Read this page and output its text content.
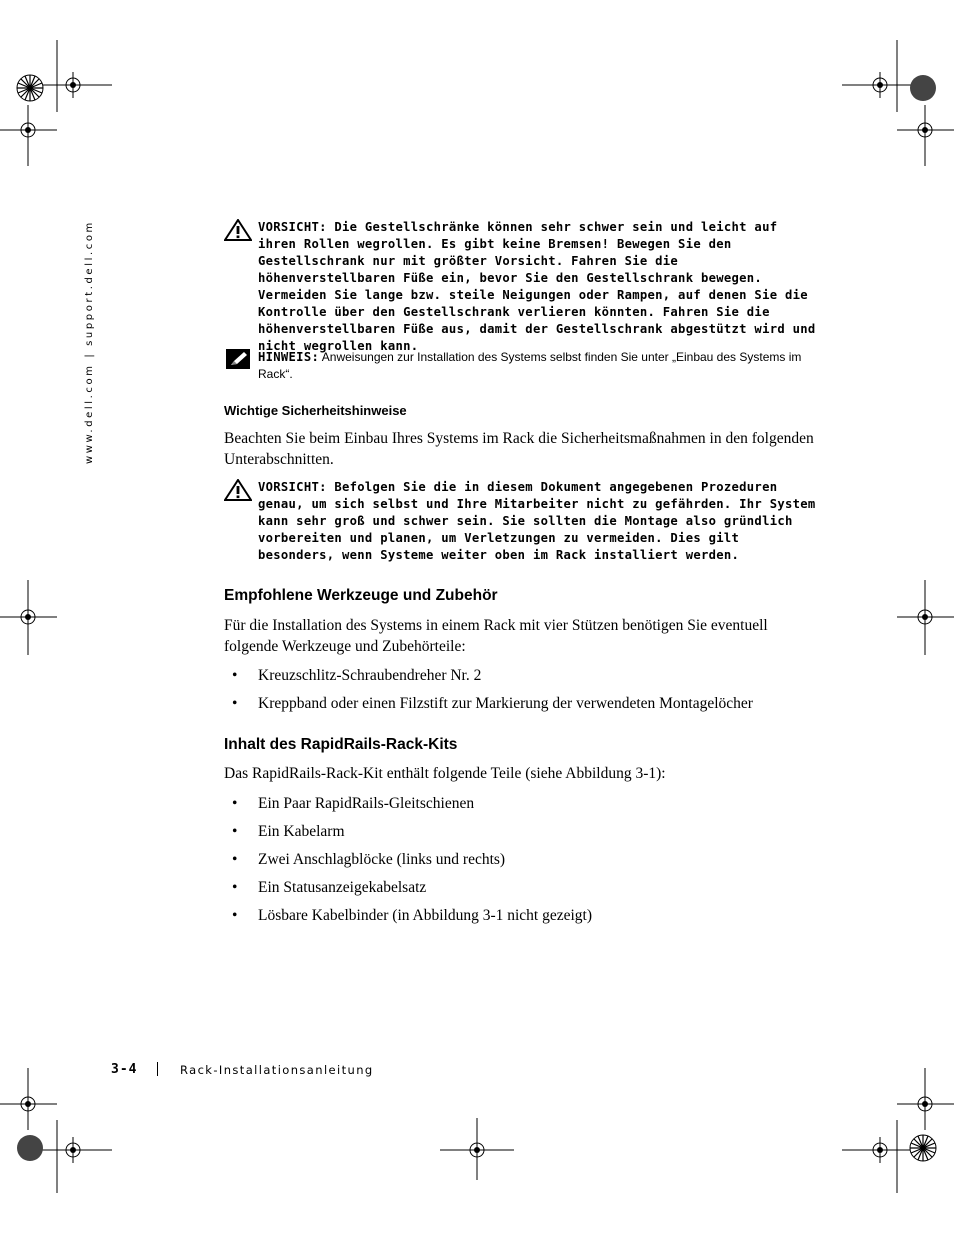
www.dell.com | support.dell.com	VORSICHT: Die Gestellschränke können sehr schwer sein und leicht auf ihren Rollen wegrollen. Es gibt keine Bremsen! Bewegen Sie den Gestellschrank nur mit größter Vorsicht. Fahren Sie die höhenverstellbaren Füße ein, bevor Sie den Gestellschrank bewegen. Vermeiden Sie lange bzw. steile Neigungen oder Rampen, auf denen Sie die Kontrolle über den Gestellschrank verlieren könnten. Fahren Sie die höhenverstellbaren Füße aus, damit der Gestellschrank abgestützt wird und nicht wegrollen kann.
HINWEIS: Anweisungen zur Installation des Systems selbst finden Sie unter „Einbau des Systems im Rack“.
Wichtige Sicherheitshinweise
Beachten Sie beim Einbau Ihres Systems im Rack die Sicherheitsmaßnahmen in den folgenden Unterabschnitten.
VORSICHT: Befolgen Sie die in diesem Dokument angegebenen Prozeduren genau, um sich selbst und Ihre Mitarbeiter nicht zu gefährden. Ihr System kann sehr groß und schwer sein. Sie sollten die Montage also gründlich vorbereiten und planen, um Verletzungen zu vermeiden. Dies gilt besonders, wenn Systeme weiter oben im Rack installiert werden.
Empfohlene Werkzeuge und Zubehör
Für die Installation des Systems in einem Rack mit vier Stützen benötigen Sie eventuell folgende Werkzeuge und Zubehörteile:
• Kreuzschlitz-Schraubendreher Nr. 2
• Kreppband oder einen Filzstift zur Markierung der verwendeten Montagelöcher
Inhalt des RapidRails-Rack-Kits
Das RapidRails-Rack-Kit enthält folgende Teile (siehe Abbildung 3-1):
• Ein Paar RapidRails-Gleitschienen
• Ein Kabelarm
• Zwei Anschlagblöcke (links und rechts)
• Ein Statusanzeigekabelsatz
• Lösbare Kabelbinder (in Abbildung 3-1 nicht gezeigt)
3-4	Rack-Installationsanleitung
